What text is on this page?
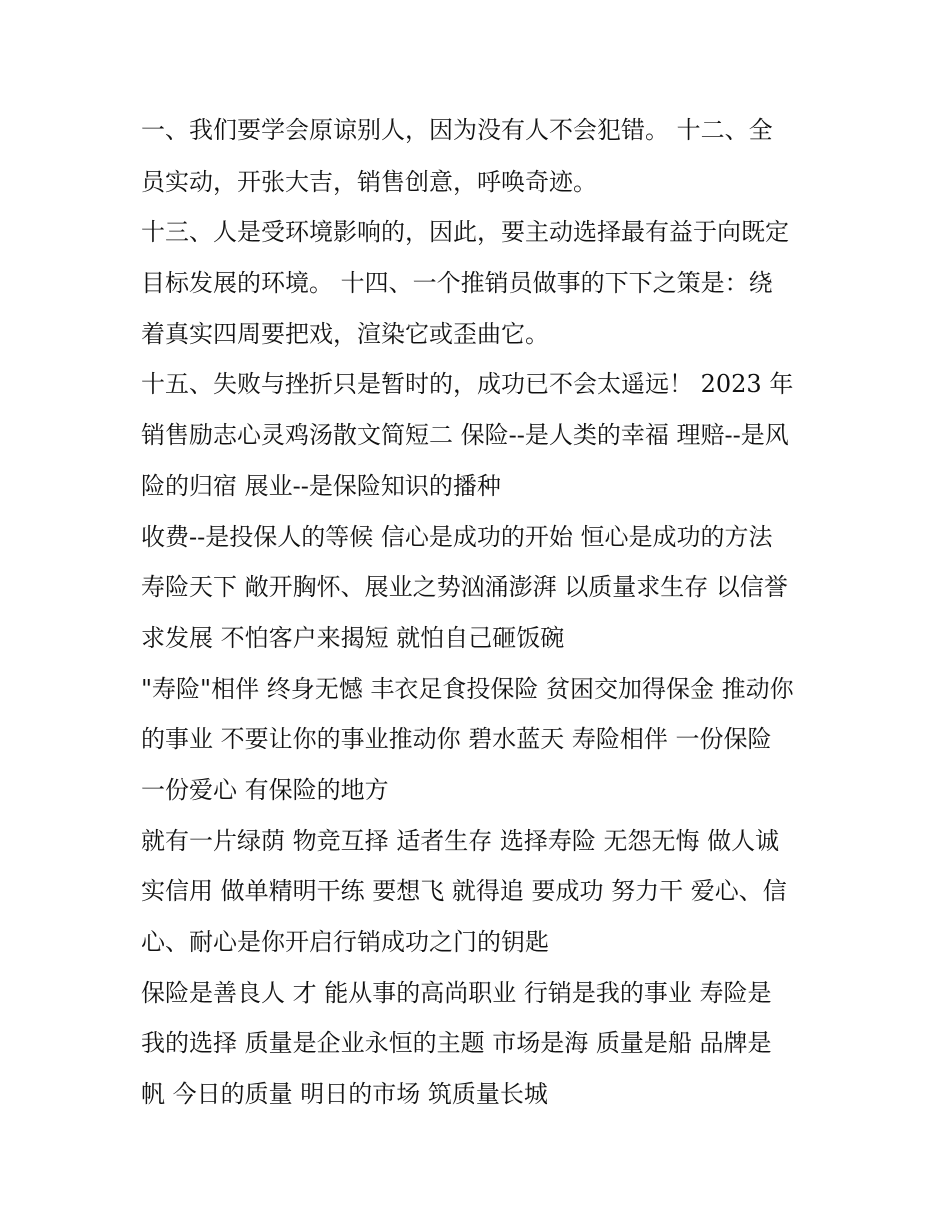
一、我们要学会原谅别人，因为没有人不会犯错。 十二、全

员实动，开张大吉，销售创意，呼唤奇迹。

十三、人是受环境影响的，因此，要主动选择最有益于向既定

目标发展的环境。 十四、一个推销员做事的下下之策是：绕

着真实四周要把戏，渲染它或歪曲它。

十五、失败与挫折只是暂时的，成功已不会太遥远！ 2023 年

销售励志心灵鸡汤散文简短二 保险--是人类的幸福 理赔--是风

险的归宿 展业--是保险知识的播种

收费--是投保人的等候 信心是成功的开始 恒心是成功的方法

寿险天下 敞开胸怀、展业之势汹涌澎湃 以质量求生存 以信誉

求发展 不怕客户来揭短 就怕自己砸饭碗

"寿险"相伴 终身无憾 丰衣足食投保险 贫困交加得保金 推动你

的事业 不要让你的事业推动你 碧水蓝天 寿险相伴 一份保险

一份爱心 有保险的地方

就有一片绿荫 物竞互择 适者生存 选择寿险 无怨无悔 做人诚

实信用 做单精明干练 要想飞 就得追 要成功 努力干 爱心、信

心、耐心是你开启行销成功之门的钥匙

保险是善良人 才 能从事的高尚职业 行销是我的事业 寿险是

我的选择 质量是企业永恒的主题 市场是海 质量是船 品牌是

帆 今日的质量 明日的市场 筑质量长城
